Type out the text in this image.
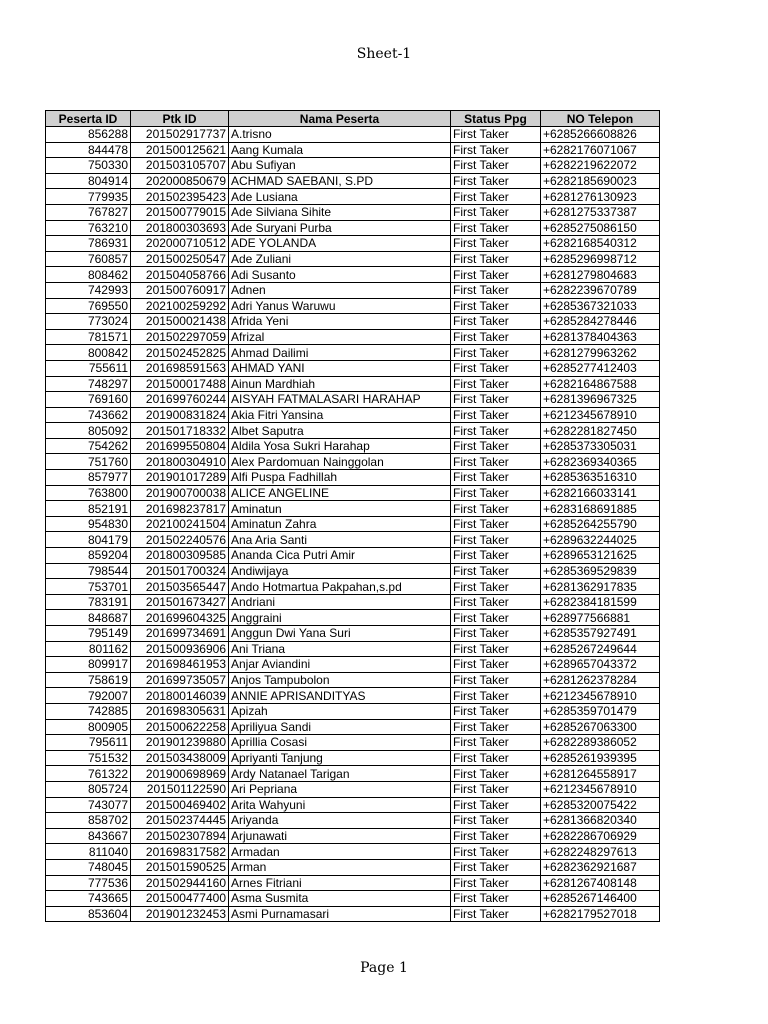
Sheet-1
Peserta ID	Ptk ID	Nama Peserta	Status Ppg	NO Telepon
856288	201502917737	A.trisno	First Taker	+6285266608826
844478	201500125621	Aang Kumala	First Taker	+6282176071067
750330	201503105707	Abu Sufiyan	First Taker	+6282219622072
804914	202000850679	ACHMAD SAEBANI, S.PD	First Taker	+6282185690023
779935	201502395423	Ade Lusiana	First Taker	+6281276130923
767827	201500779015	Ade Silviana Sihite	First Taker	+6281275337387
763210	201800303693	Ade Suryani Purba	First Taker	+6285275086150
786931	202000710512	ADE YOLANDA	First Taker	+6282168540312
760857	201500250547	Ade Zuliani	First Taker	+6285296998712
808462	201504058766	Adi Susanto	First Taker	+6281279804683
742993	201500760917	Adnen	First Taker	+6282239670789
769550	202100259292	Adri Yanus Waruwu	First Taker	+6285367321033
773024	201500021438	Afrida Yeni	First Taker	+6285284278446
781571	201502297059	Afrizal	First Taker	+6281378404363
800842	201502452825	Ahmad Dailimi	First Taker	+6281279963262
755611	201698591563	AHMAD YANI	First Taker	+6285277412403
748297	201500017488	Ainun Mardhiah	First Taker	+6282164867588
769160	201699760244	AISYAH FATMALASARI HARAHAP	First Taker	+6281396967325
743662	201900831824	Akia Fitri Yansina	First Taker	+6212345678910
805092	201501718332	Albet Saputra	First Taker	+6282281827450
754262	201699550804	Aldila Yosa Sukri Harahap	First Taker	+6285373305031
751760	201800304910	Alex Pardomuan Nainggolan	First Taker	+6282369340365
857977	201901017289	Alfi Puspa Fadhillah	First Taker	+6285363516310
763800	201900700038	ALICE ANGELINE	First Taker	+6282166033141
852191	201698237817	Aminatun	First Taker	+6283168691885
954830	202100241504	Aminatun Zahra	First Taker	+6285264255790
804179	201502240576	Ana Aria Santi	First Taker	+6289632244025
859204	201800309585	Ananda Cica Putri Amir	First Taker	+6289653121625
798544	201501700324	Andiwijaya	First Taker	+6285369529839
753701	201503565447	Ando Hotmartua Pakpahan,s.pd	First Taker	+6281362917835
783191	201501673427	Andriani	First Taker	+6282384181599
848687	201699604325	Anggraini	First Taker	+628977566881
795149	201699734691	Anggun Dwi Yana Suri	First Taker	+6285357927491
801162	201500936906	Ani Triana	First Taker	+6285267249644
809917	201698461953	Anjar Aviandini	First Taker	+6289657043372
758619	201699735057	Anjos Tampubolon	First Taker	+6281262378284
792007	201800146039	ANNIE APRISANDITYAS	First Taker	+6212345678910
742885	201698305631	Apizah	First Taker	+6285359701479
800905	201500622258	Apriliyua Sandi	First Taker	+6285267063300
795611	201901239880	Aprillia Cosasi	First Taker	+6282289386052
751532	201503438009	Apriyanti Tanjung	First Taker	+6285261939395
761322	201900698969	Ardy Natanael Tarigan	First Taker	+6281264558917
805724	201501122590	Ari Pepriana	First Taker	+6212345678910
743077	201500469402	Arita Wahyuni	First Taker	+6285320075422
858702	201502374445	Ariyanda	First Taker	+6281366820340
843667	201502307894	Arjunawati	First Taker	+6282286706929
811040	201698317582	Armadan	First Taker	+6282248297613
748045	201501590525	Arman	First Taker	+6282362921687
777536	201502944160	Arnes Fitriani	First Taker	+6281267408148
743665	201500477400	Asma Susmita	First Taker	+6285267146400
853604	201901232453	Asmi Purnamasari	First Taker	+6282179527018
Page 1
